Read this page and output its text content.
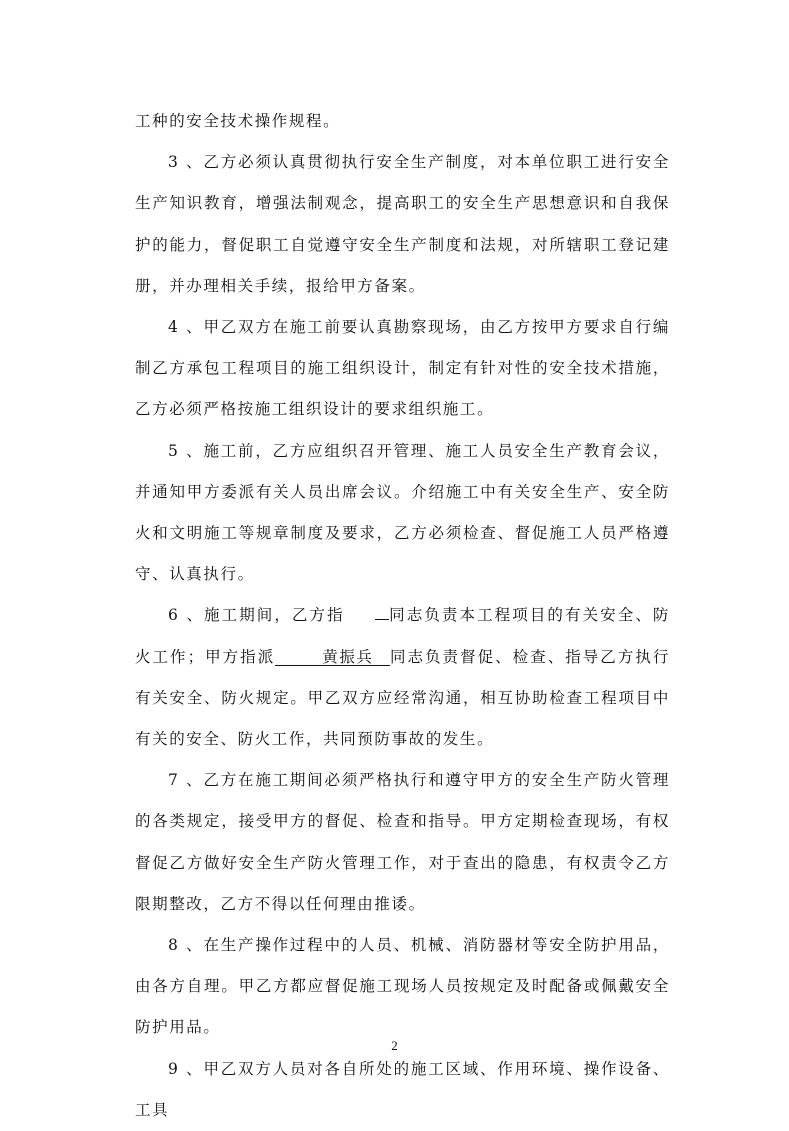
工种的安全技术操作规程。

3 、乙方必须认真贯彻执行安全生产制度，对本单位职工进行安全生产知识教育，增强法制观念，提高职工的安全生产思想意识和自我保护的能力，督促职工自觉遵守安全生产制度和法规，对所辖职工登记建册，并办理相关手续，报给甲方备案。

4 、甲乙双方在施工前要认真勘察现场，由乙方按甲方要求自行编制乙方承包工程项目的施工组织设计，制定有针对性的安全技术措施，乙方必须严格按施工组织设计的要求组织施工。

5 、施工前，乙方应组织召开管理、施工人员安全生产教育会议，并通知甲方委派有关人员出席会议。介绍施工中有关安全生产、安全防火和文明施工等规章制度及要求，乙方必须检查、督促施工人员严格遵守、认真执行。

6 、施工期间，乙方指	同志负责本工程项目的有关安全、防火工作；甲方指派	黄振兵 同志负责督促、检查、指导乙方执行有关安全、防火规定。甲乙双方应经常沟通，相互协助检查工程项目中有关的安全、防火工作，共同预防事故的发生。

7 、乙方在施工期间必须严格执行和遵守甲方的安全生产防火管理的各类规定，接受甲方的督促、检查和指导。甲方定期检查现场，有权督促乙方做好安全生产防火管理工作，对于查出的隐患，有权责令乙方限期整改，乙方不得以任何理由推诿。

8 、在生产操作过程中的人员、机械、消防器材等安全防护用品，由各方自理。甲乙方都应督促施工现场人员按规定及时配备或佩戴安全防护用品。

9 、甲乙双方人员对各自所处的施工区域、作用环境、操作设备、工具

2
